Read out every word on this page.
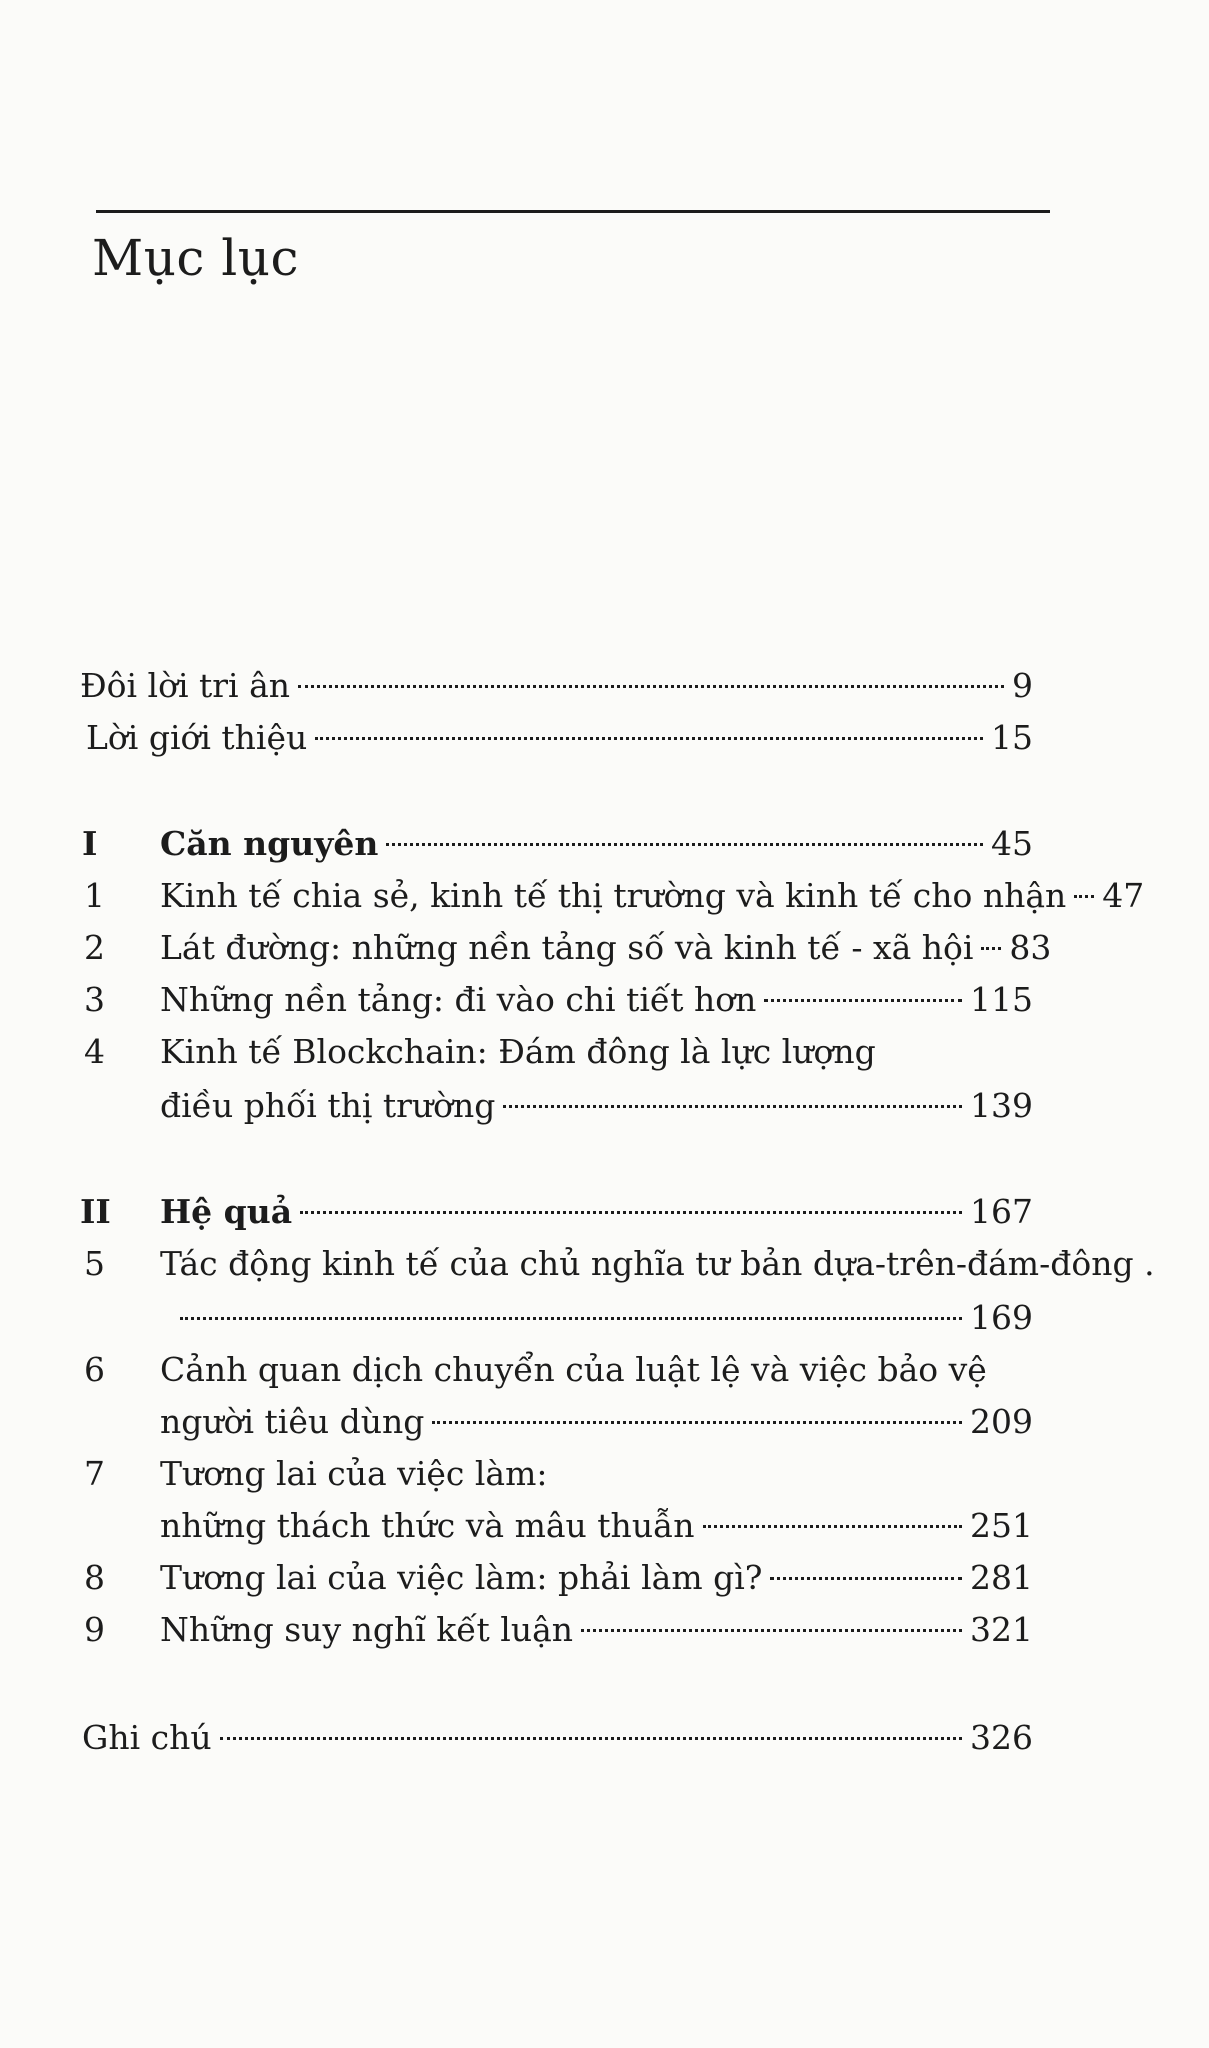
Mục lục
Đôi lời tri ân	9
Lời giới thiệu	15
I Căn nguyên	45
1 Kinh tế chia sẻ, kinh tế thị trường và kinh tế cho nhận 47
2 Lát đường: những nền tảng số và kinh tế - xã hội 83
3 Những nền tảng: đi vào chi tiết hơn	115
4 Kinh tế Blockchain: Đám đông là lực lượng
điều phối thị trường	139
II Hệ quả	167
5 Tác động kinh tế của chủ nghĩa tư bản dựa-trên-đám-đông .
169
6 Cảnh quan dịch chuyển của luật lệ và việc bảo vệ
người tiêu dùng	209
7 Tương lai của việc làm:
những thách thức và mâu thuẫn	251
8 Tương lai của việc làm: phải làm gì?	281
9 Những suy nghĩ kết luận	321
Ghi chú	326
